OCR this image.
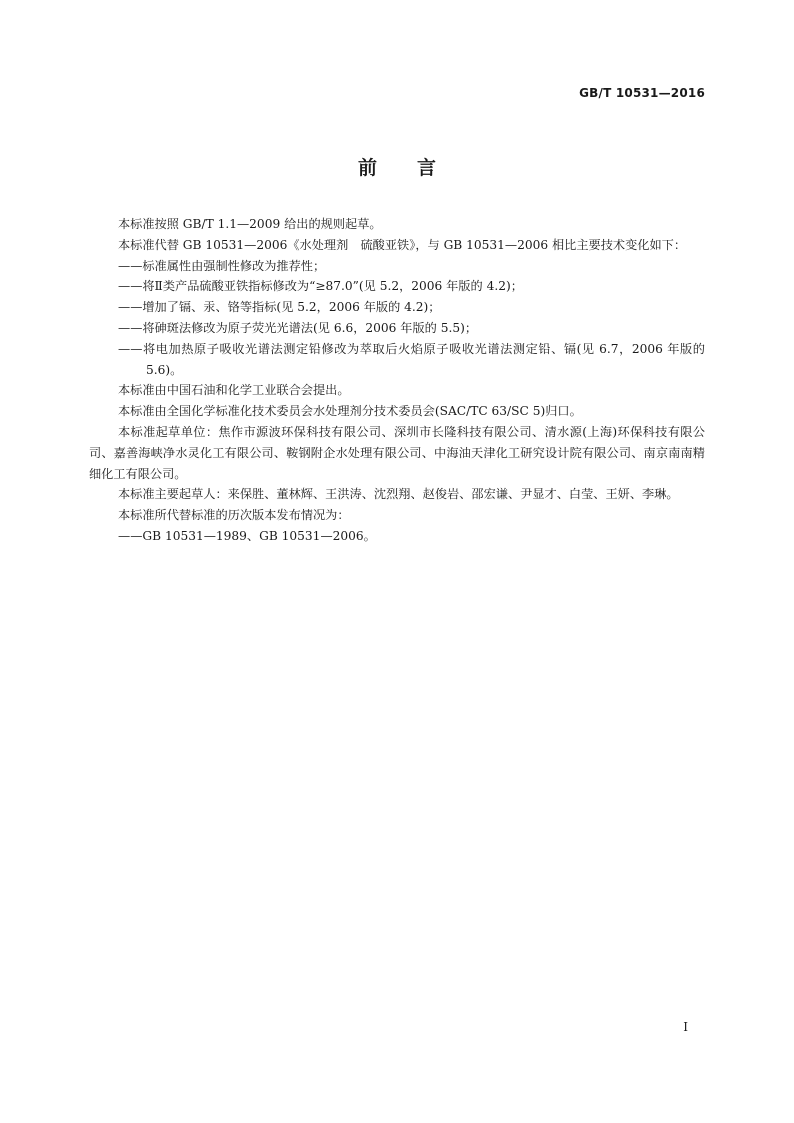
GB/T 10531—2016
前 言

本标准按照 GB/T 1.1—2009 给出的规则起草。

本标准代替 GB 10531—2006《水处理剂　硫酸亚铁》，与 GB 10531—2006 相比主要技术变化如下：

——标准属性由强制性修改为推荐性；

——将Ⅱ类产品硫酸亚铁指标修改为“≥87.0”(见 5.2，2006 年版的 4.2)；

——增加了镉、汞、铬等指标(见 5.2，2006 年版的 4.2)；

——将砷斑法修改为原子荧光光谱法(见 6.6，2006 年版的 5.5)；

——将电加热原子吸收光谱法测定铅修改为萃取后火焰原子吸收光谱法测定铅、镉(见 6.7，2006 年版的 5.6)。

本标准由中国石油和化学工业联合会提出。

本标准由全国化学标准化技术委员会水处理剂分技术委员会(SAC/TC 63/SC 5)归口。

本标准起草单位：焦作市源波环保科技有限公司、深圳市长隆科技有限公司、清水源(上海)环保科技有限公司、嘉善海峡净水灵化工有限公司、鞍钢附企水处理有限公司、中海油天津化工研究设计院有限公司、南京南南精细化工有限公司。

本标准主要起草人：来保胜、董林辉、王洪涛、沈烈翔、赵俊岩、邵宏谦、尹显才、白莹、王妍、李琳。

本标准所代替标准的历次版本发布情况为：

——GB 10531—1989、GB 10531—2006。

I
